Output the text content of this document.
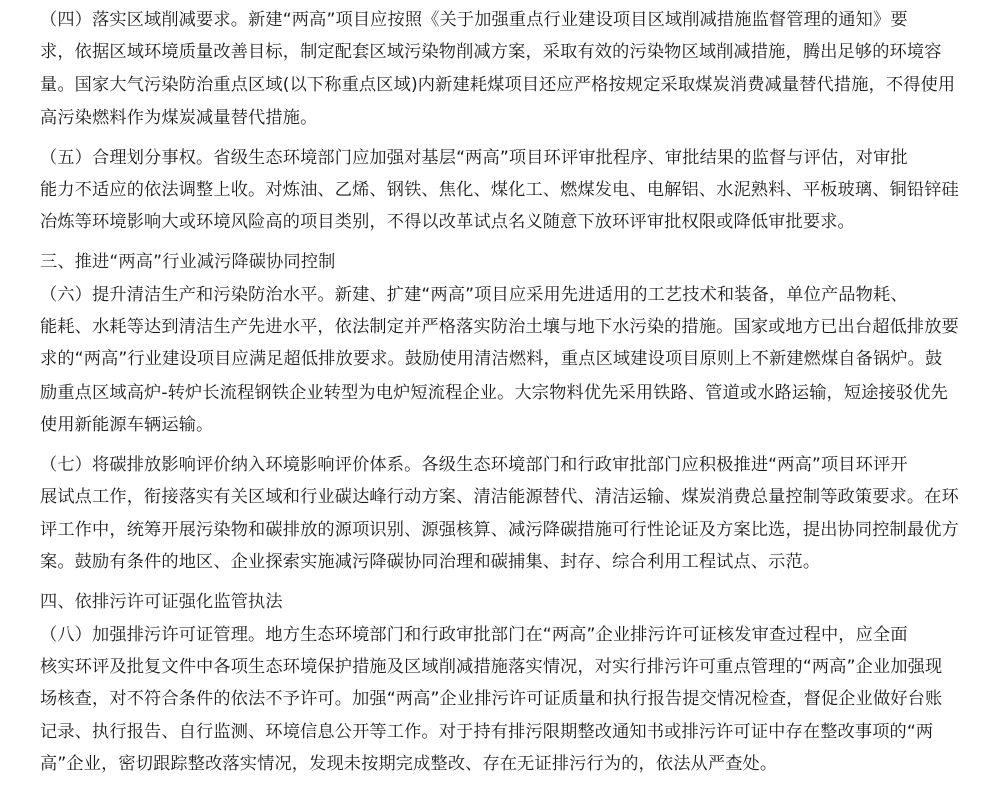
（四）落实区域削减要求。新建“两高”项目应按照《关于加强重点行业建设项目区域削减措施监督管理的通知》要
求，依据区域环境质量改善目标，制定配套区域污染物削减方案，采取有效的污染物区域削减措施，腾出足够的环境容
量。国家大气污染防治重点区域(以下称重点区域)内新建耗煤项目还应严格按规定采取煤炭消费减量替代措施，不得使用
高污染燃料作为煤炭减量替代措施。
（五）合理划分事权。省级生态环境部门应加强对基层“两高”项目环评审批程序、审批结果的监督与评估，对审批
能力不适应的依法调整上收。对炼油、乙烯、钢铁、焦化、煤化工、燃煤发电、电解铝、水泥熟料、平板玻璃、铜铅锌硅
冶炼等环境影响大或环境风险高的项目类别，不得以改革试点名义随意下放环评审批权限或降低审批要求。
三、推进“两高”行业减污降碳协同控制
（六）提升清洁生产和污染防治水平。新建、扩建“两高”项目应采用先进适用的工艺技术和装备，单位产品物耗、
能耗、水耗等达到清洁生产先进水平，依法制定并严格落实防治土壤与地下水污染的措施。国家或地方已出台超低排放要
求的“两高”行业建设项目应满足超低排放要求。鼓励使用清洁燃料，重点区域建设项目原则上不新建燃煤自备锅炉。鼓
励重点区域高炉-转炉长流程钢铁企业转型为电炉短流程企业。大宗物料优先采用铁路、管道或水路运输，短途接驳优先
使用新能源车辆运输。
（七）将碳排放影响评价纳入环境影响评价体系。各级生态环境部门和行政审批部门应积极推进“两高”项目环评开
展试点工作，衔接落实有关区域和行业碳达峰行动方案、清洁能源替代、清洁运输、煤炭消费总量控制等政策要求。在环
评工作中，统筹开展污染物和碳排放的源项识别、源强核算、减污降碳措施可行性论证及方案比选，提出协同控制最优方
案。鼓励有条件的地区、企业探索实施减污降碳协同治理和碳捕集、封存、综合利用工程试点、示范。
四、依排污许可证强化监管执法
（八）加强排污许可证管理。地方生态环境部门和行政审批部门在“两高”企业排污许可证核发审查过程中，应全面
核实环评及批复文件中各项生态环境保护措施及区域削减措施落实情况，对实行排污许可重点管理的“两高”企业加强现
场核查，对不符合条件的依法不予许可。加强“两高”企业排污许可证质量和执行报告提交情况检查，督促企业做好台账
记录、执行报告、自行监测、环境信息公开等工作。对于持有排污限期整改通知书或排污许可证中存在整改事项的“两
高”企业，密切跟踪整改落实情况，发现未按期完成整改、存在无证排污行为的，依法从严查处。
